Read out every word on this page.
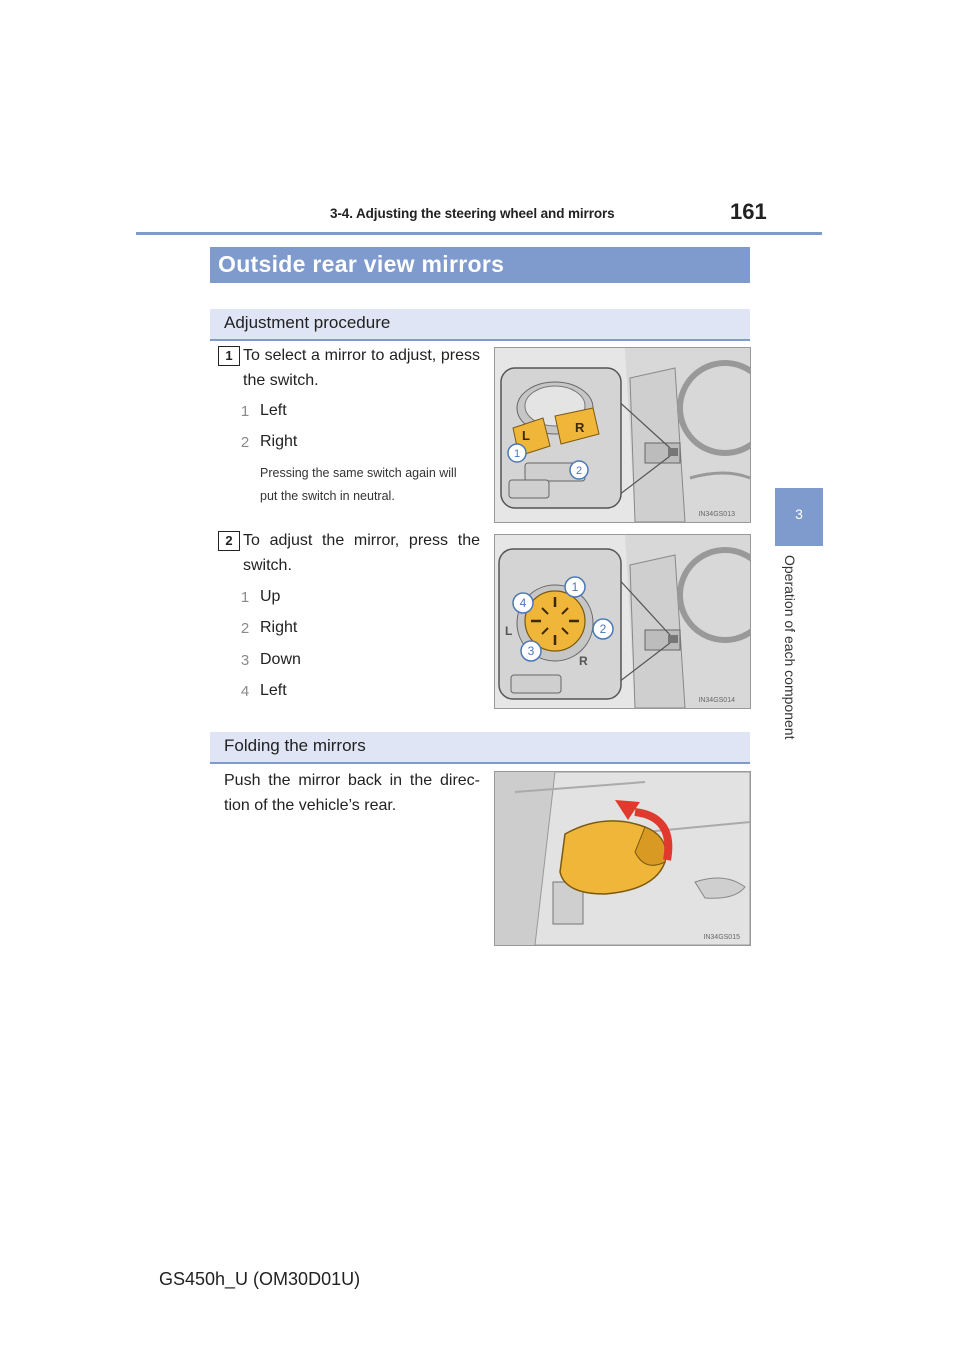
3-4. Adjusting the steering wheel and mirrors	161
3
Operation of each component
Outside rear view mirrors
Adjustment procedure
1 To select a mirror to adjust, press
the switch.
1 Left
2 Right
Pressing the same switch again will
put the switch in neutral.
IN34GS013
L
R
1
2
2 To adjust the mirror, press the
switch.
1 Up
2 Right
3 Down
4 Left
IN34GS014
L
R
1
2
3
4
Folding the mirrors
Push the mirror back in the direc-
tion of the vehicle’s rear.
IN34GS015
GS450h_U (OM30D01U)
